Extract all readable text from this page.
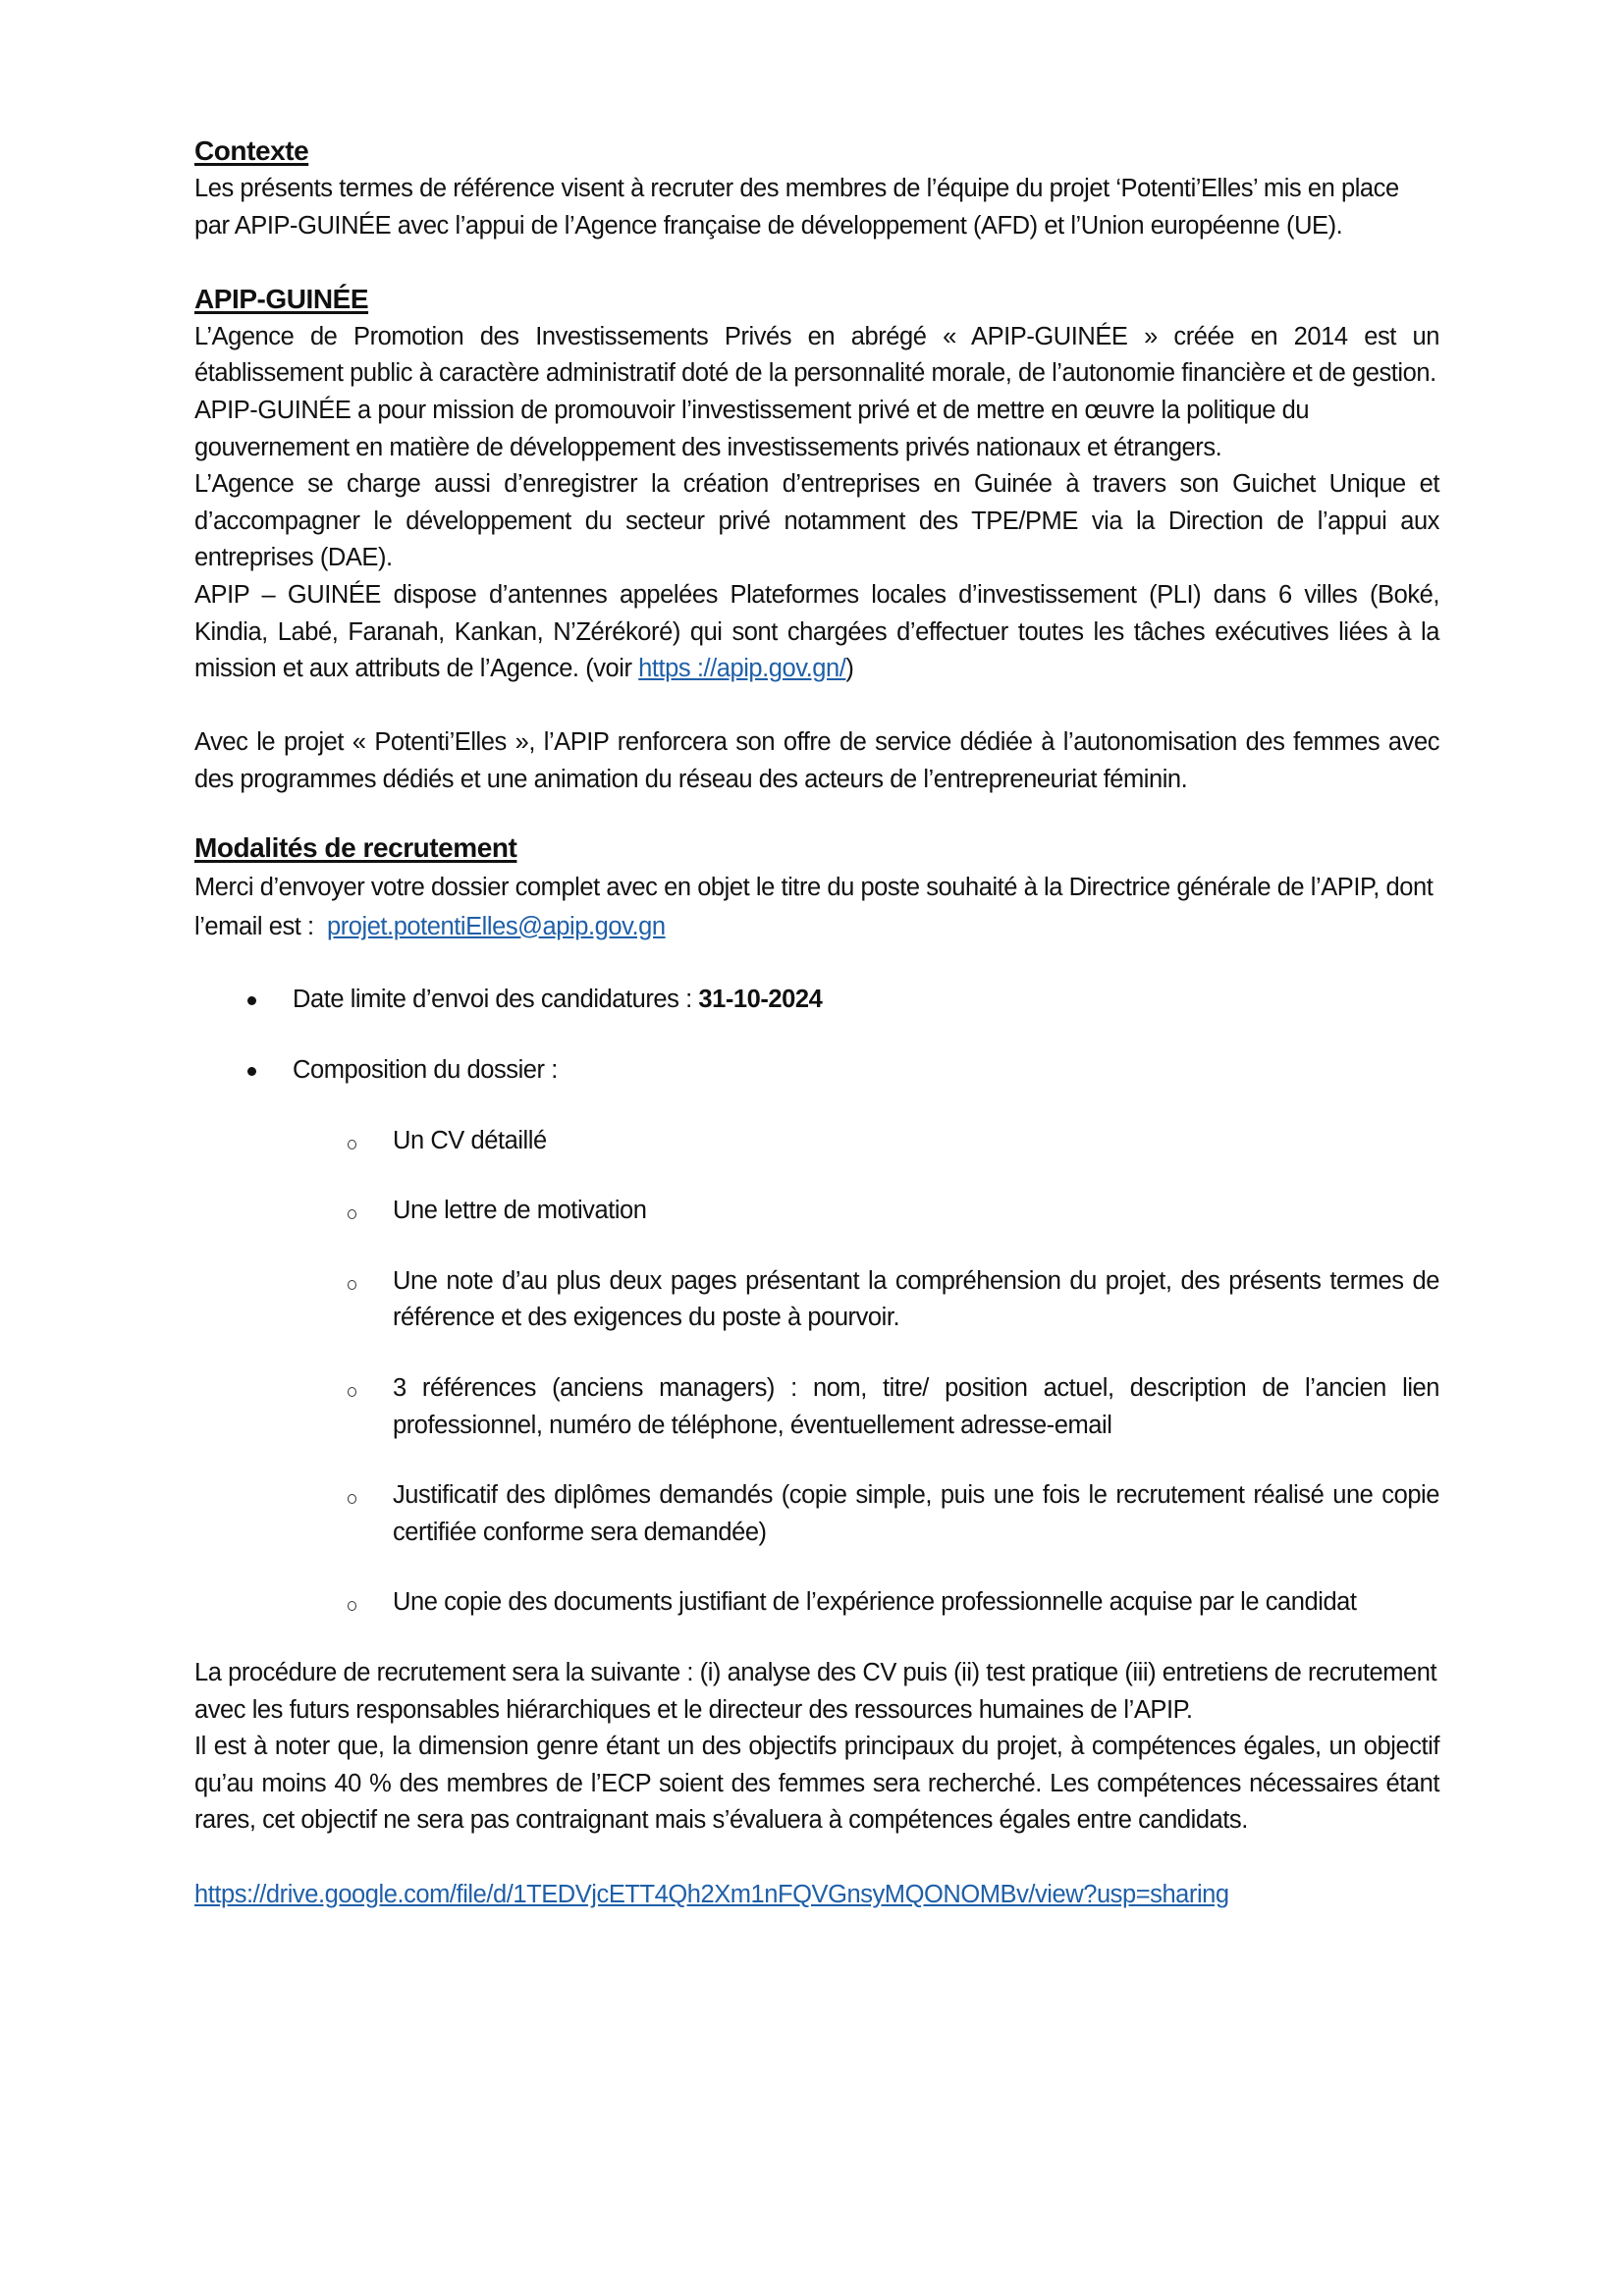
Contexte

Les présents termes de référence visent à recruter des membres de l’équipe du projet ‘Potenti’Elles’ mis en place par APIP-GUINÉE avec l’appui de l’Agence française de développement (AFD) et l’Union européenne (UE).

APIP-GUINÉE

L’Agence de Promotion des Investissements Privés en abrégé « APIP-GUINÉE » créée en 2014 est un établissement public à caractère administratif doté de la personnalité morale, de l’autonomie financière et de gestion.

APIP-GUINÉE a pour mission de promouvoir l’investissement privé et de mettre en œuvre la politique du gouvernement en matière de développement des investissements privés nationaux et étrangers.

L’Agence se charge aussi d’enregistrer la création d’entreprises en Guinée à travers son Guichet Unique et d’accompagner le développement du secteur privé notamment des TPE/PME via la Direction de l’appui aux entreprises (DAE).

APIP – GUINÉE dispose d’antennes appelées Plateformes locales d’investissement (PLI) dans 6 villes (Boké, Kindia, Labé, Faranah, Kankan, N’Zérékoré) qui sont chargées d’effectuer toutes les tâches exécutives liées à la mission et aux attributs de l’Agence. (voir https ://apip.gov.gn/)

Avec le projet « Potenti’Elles », l’APIP renforcera son offre de service dédiée à l’autonomisation des femmes avec des programmes dédiés et une animation du réseau des acteurs de l’entrepreneuriat féminin.

Modalités de recrutement

Merci d’envoyer votre dossier complet avec en objet le titre du poste souhaité à la Directrice générale de l’APIP, dont l’email est : projet.potentiElles@apip.gov.gn

Date limite d’envoi des candidatures : 31-10-2024
Composition du dossier :
Un CV détaillé
Une lettre de motivation
Une note d’au plus deux pages présentant la compréhension du projet, des présents termes de référence et des exigences du poste à pourvoir.
3 références (anciens managers) : nom, titre/ position actuel, description de l’ancien lien professionnel, numéro de téléphone, éventuellement adresse-email
Justificatif des diplômes demandés (copie simple, puis une fois le recrutement réalisé une copie certifiée conforme sera demandée)
Une copie des documents justifiant de l’expérience professionnelle acquise par le candidat

La procédure de recrutement sera la suivante : (i) analyse des CV puis (ii) test pratique (iii) entretiens de recrutement avec les futurs responsables hiérarchiques et le directeur des ressources humaines de l’APIP.

Il est à noter que, la dimension genre étant un des objectifs principaux du projet, à compétences égales, un objectif qu’au moins 40 % des membres de l’ECP soient des femmes sera recherché. Les compétences nécessaires étant rares, cet objectif ne sera pas contraignant mais s’évaluera à compétences égales entre candidats.

https://drive.google.com/file/d/1TEDVjcETT4Qh2Xm1nFQVGnsyMQONOMBv/view?usp=sharing
